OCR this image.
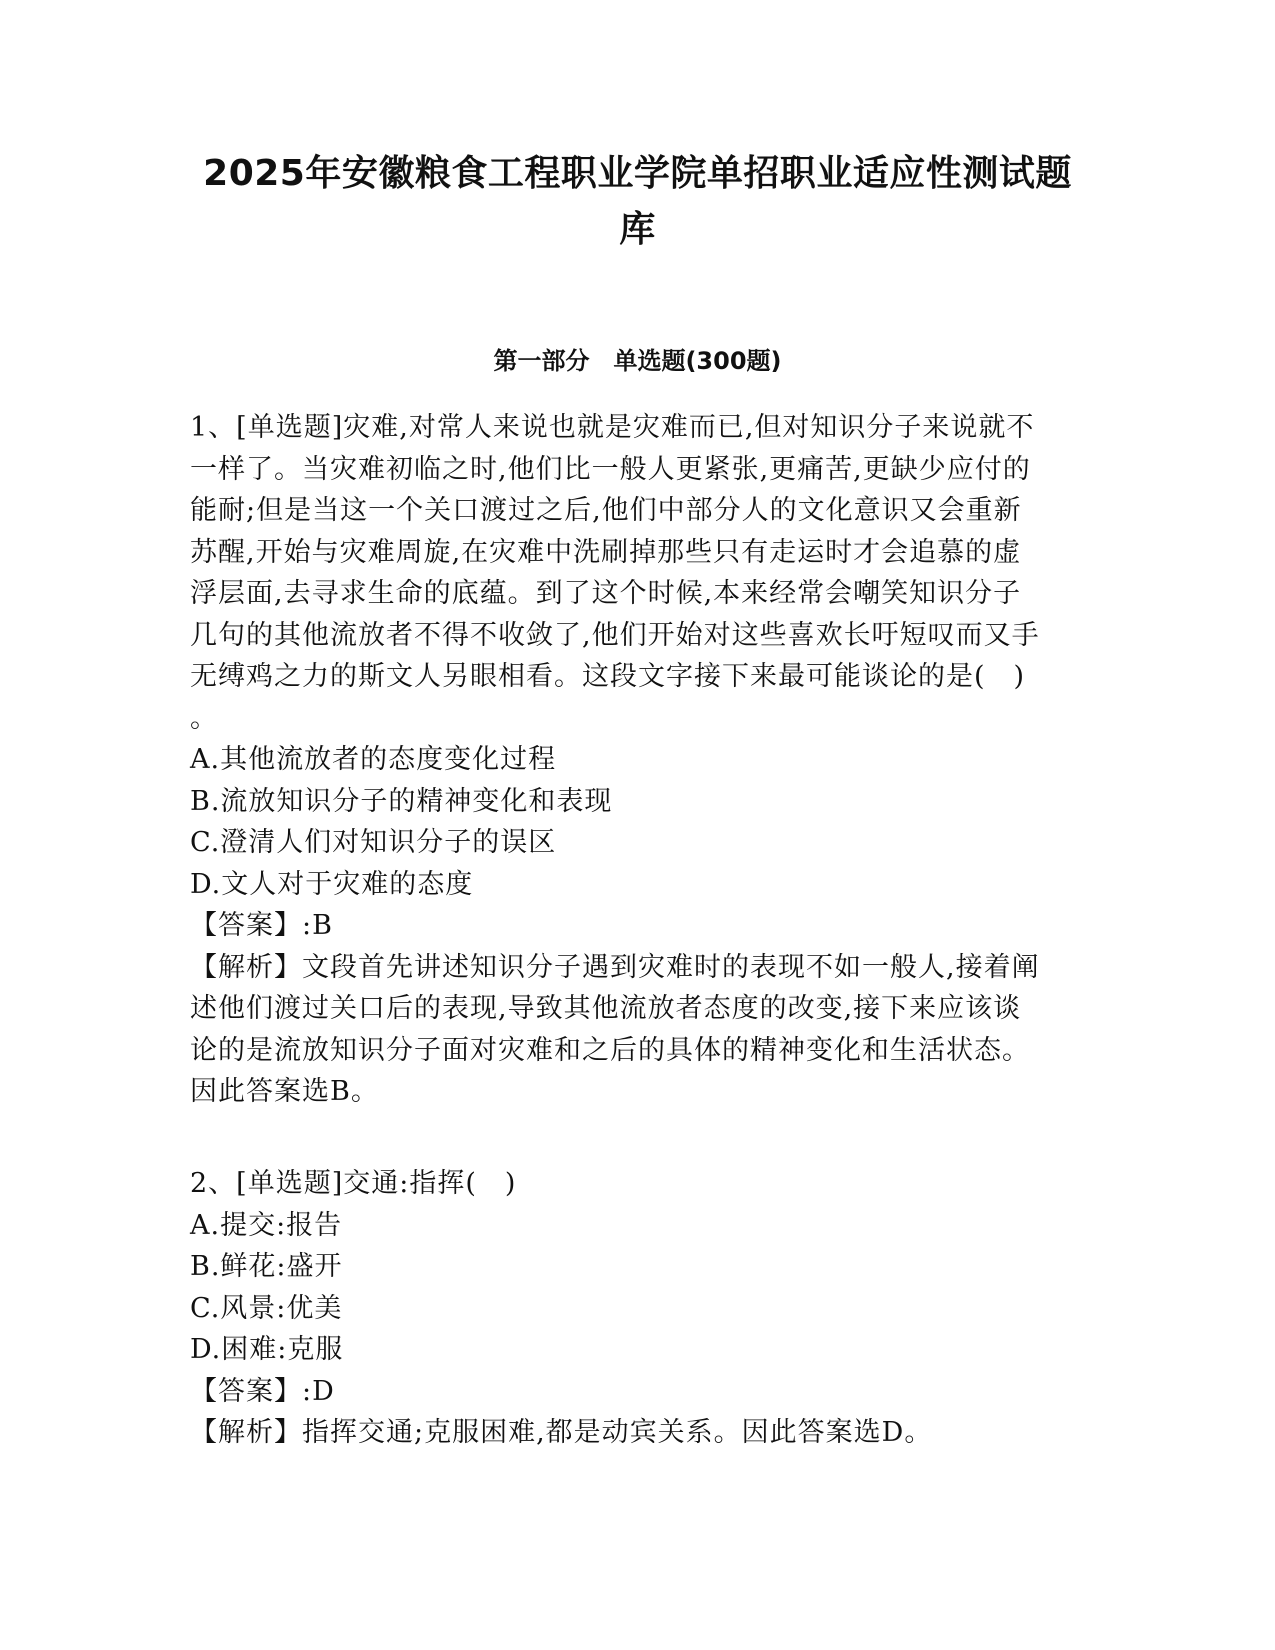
2025年安徽粮食工程职业学院单招职业适应性测试题
库
第一部分　单选题(300题)
1、[单选题]灾难,对常人来说也就是灾难而已,但对知识分子来说就不
一样了。当灾难初临之时,他们比一般人更紧张,更痛苦,更缺少应付的
能耐;但是当这一个关口渡过之后,他们中部分人的文化意识又会重新
苏醒,开始与灾难周旋,在灾难中洗刷掉那些只有走运时才会追慕的虚
浮层面,去寻求生命的底蕴。到了这个时候,本来经常会嘲笑知识分子
几句的其他流放者不得不收敛了,他们开始对这些喜欢长吁短叹而又手
无缚鸡之力的斯文人另眼相看。这段文字接下来最可能谈论的是(　)
。
A.其他流放者的态度变化过程
B.流放知识分子的精神变化和表现
C.澄清人们对知识分子的误区
D.文人对于灾难的态度
【答案】:B
【解析】文段首先讲述知识分子遇到灾难时的表现不如一般人,接着阐
述他们渡过关口后的表现,导致其他流放者态度的改变,接下来应该谈
论的是流放知识分子面对灾难和之后的具体的精神变化和生活状态。
因此答案选B。
2、[单选题]交通:指挥(　)
A.提交:报告
B.鲜花:盛开
C.风景:优美
D.困难:克服
【答案】:D
【解析】指挥交通;克服困难,都是动宾关系。因此答案选D。
